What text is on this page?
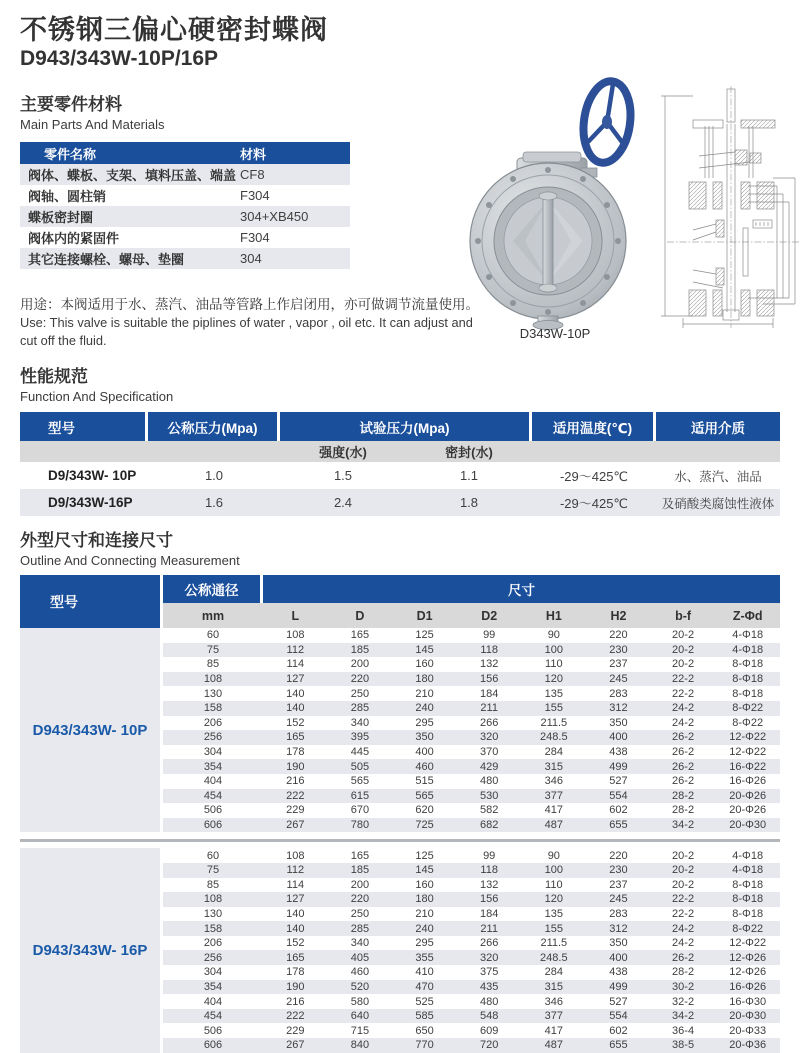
不锈钢三偏心硬密封蝶阀
D943/343W-10P/16P
D343W-10P
主要零件材料
Main Parts And Materials
零件名称	材料
阀体、蝶板、支架、填料压盖、端盖 CF8
阀轴、圆柱销	F304
蝶板密封圈	304+XB450
阀体内的紧固件	F304
其它连接螺栓、螺母、垫圈	304

用途：本阀适用于水、蒸汽、油品等管路上作启闭用，亦可做调节流量使用。

Use: This valve is suitable the piplines of water , vapor , oil etc. It can adjust and cut off the fluid.

性能规范
Function And Specification
型号	公称压力(Mpa)	试验压力(Mpa)	适用温度(℃)	适用介质
强度(水)	密封(水)
D9/343W- 10P	1.0	1.5	1.1	-29～425℃	水、蒸汽、油品
D9/343W-16P	1.6	2.4	1.8	-29～425℃	及硝酸类腐蚀性液体
外型尺寸和连接尺寸
Outline And Connecting Measurement
型号
公称通径	尺寸
mm	L	D	D1	D2	H1	H2	b-f	Z-Φd
D943/343W- 10P
60	108	165	125	99	90	220	20-2	4-Φ18
75	112	185	145	118	100	230	20-2	4-Φ18
85	114	200	160	132	110	237	20-2	8-Φ18
108	127	220	180	156	120	245	22-2	8-Φ18
130	140	250	210	184	135	283	22-2	8-Φ18
158	140	285	240	211	155	312	24-2	8-Φ22
206	152	340	295	266	211.5	350	24-2	8-Φ22
256	165	395	350	320	248.5	400	26-2	12-Φ22
304	178	445	400	370	284	438	26-2	12-Φ22
354	190	505	460	429	315	499	26-2	16-Φ22
404	216	565	515	480	346	527	26-2	16-Φ26
454	222	615	565	530	377	554	28-2	20-Φ26
506	229	670	620	582	417	602	28-2	20-Φ26
606	267	780	725	682	487	655	34-2	20-Φ30
D943/343W- 16P
60	108	165	125	99	90	220	20-2	4-Φ18
75	112	185	145	118	100	230	20-2	4-Φ18
85	114	200	160	132	110	237	20-2	8-Φ18
108	127	220	180	156	120	245	22-2	8-Φ18
130	140	250	210	184	135	283	22-2	8-Φ18
158	140	285	240	211	155	312	24-2	8-Φ22
206	152	340	295	266	211.5	350	24-2	12-Φ22
256	165	405	355	320	248.5	400	26-2	12-Φ26
304	178	460	410	375	284	438	28-2	12-Φ26
354	190	520	470	435	315	499	30-2	16-Φ26
404	216	580	525	480	346	527	32-2	16-Φ30
454	222	640	585	548	377	554	34-2	20-Φ30
506	229	715	650	609	417	602	36-4	20-Φ33
606	267	840	770	720	487	655	38-5	20-Φ36
